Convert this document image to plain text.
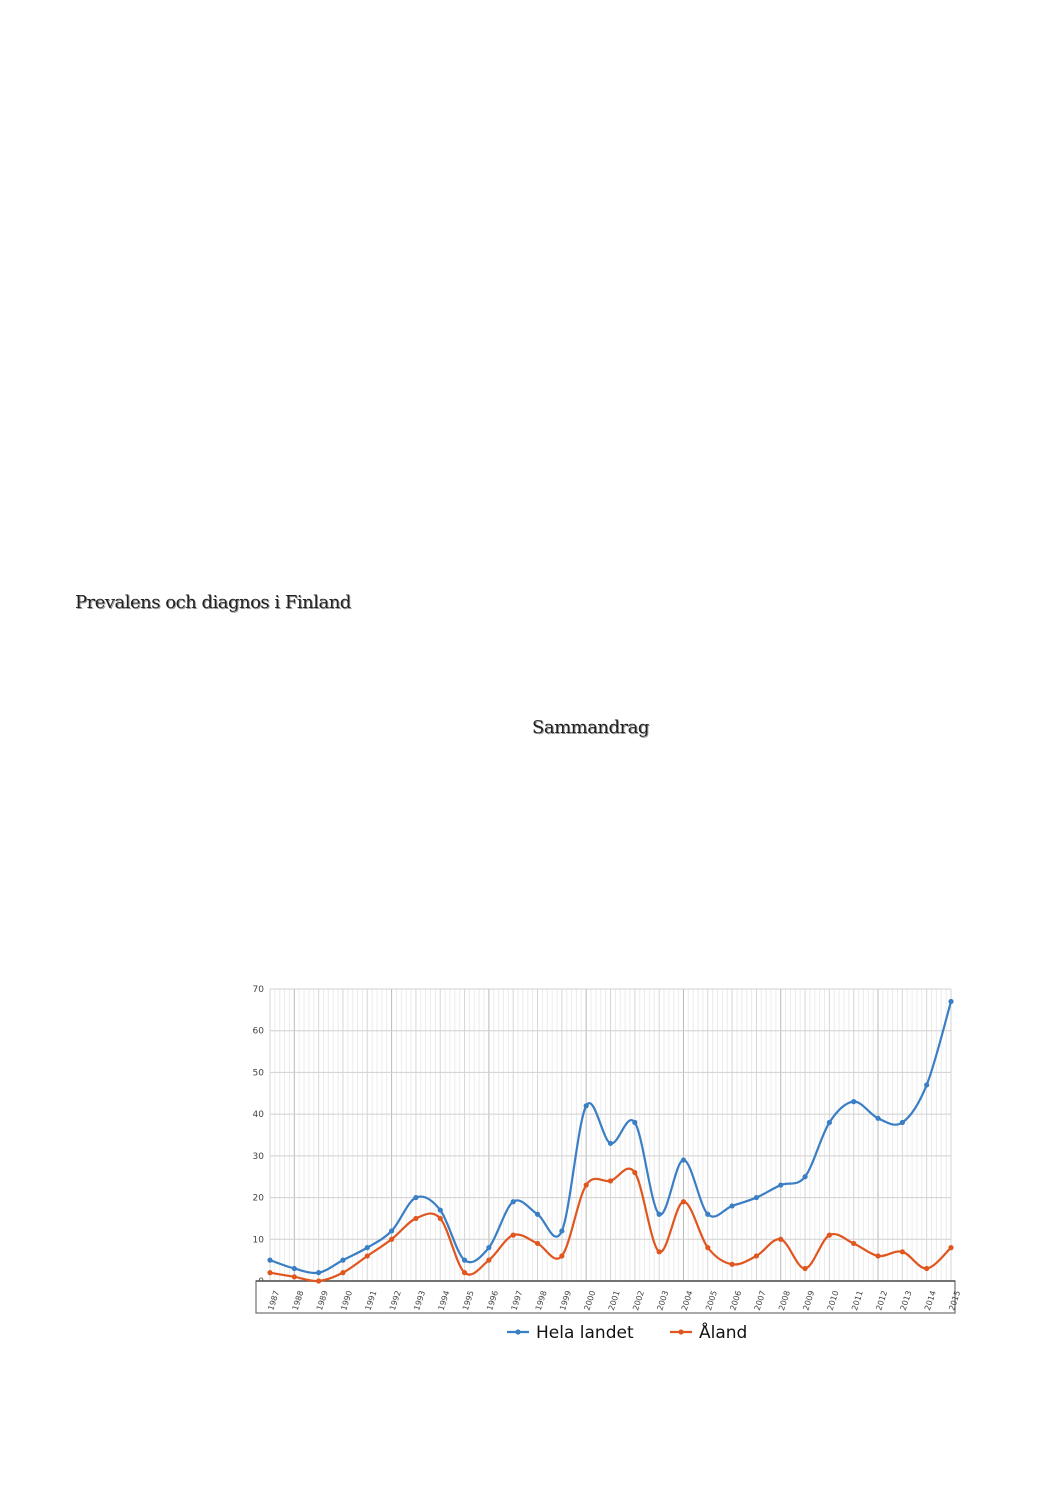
Prevalens och diagnos i Finland
Sammandrag
10
20
30
40
50
60
70
1987 1988 1989 1990 1991 1992 1993 1994 1995 1996 1997 1998 1999 2000 2001 2002 2003 2004 2005 2006 2007 2008 2009 2010 2011 2012 2013 2014 2015
Hela landet	Åland
